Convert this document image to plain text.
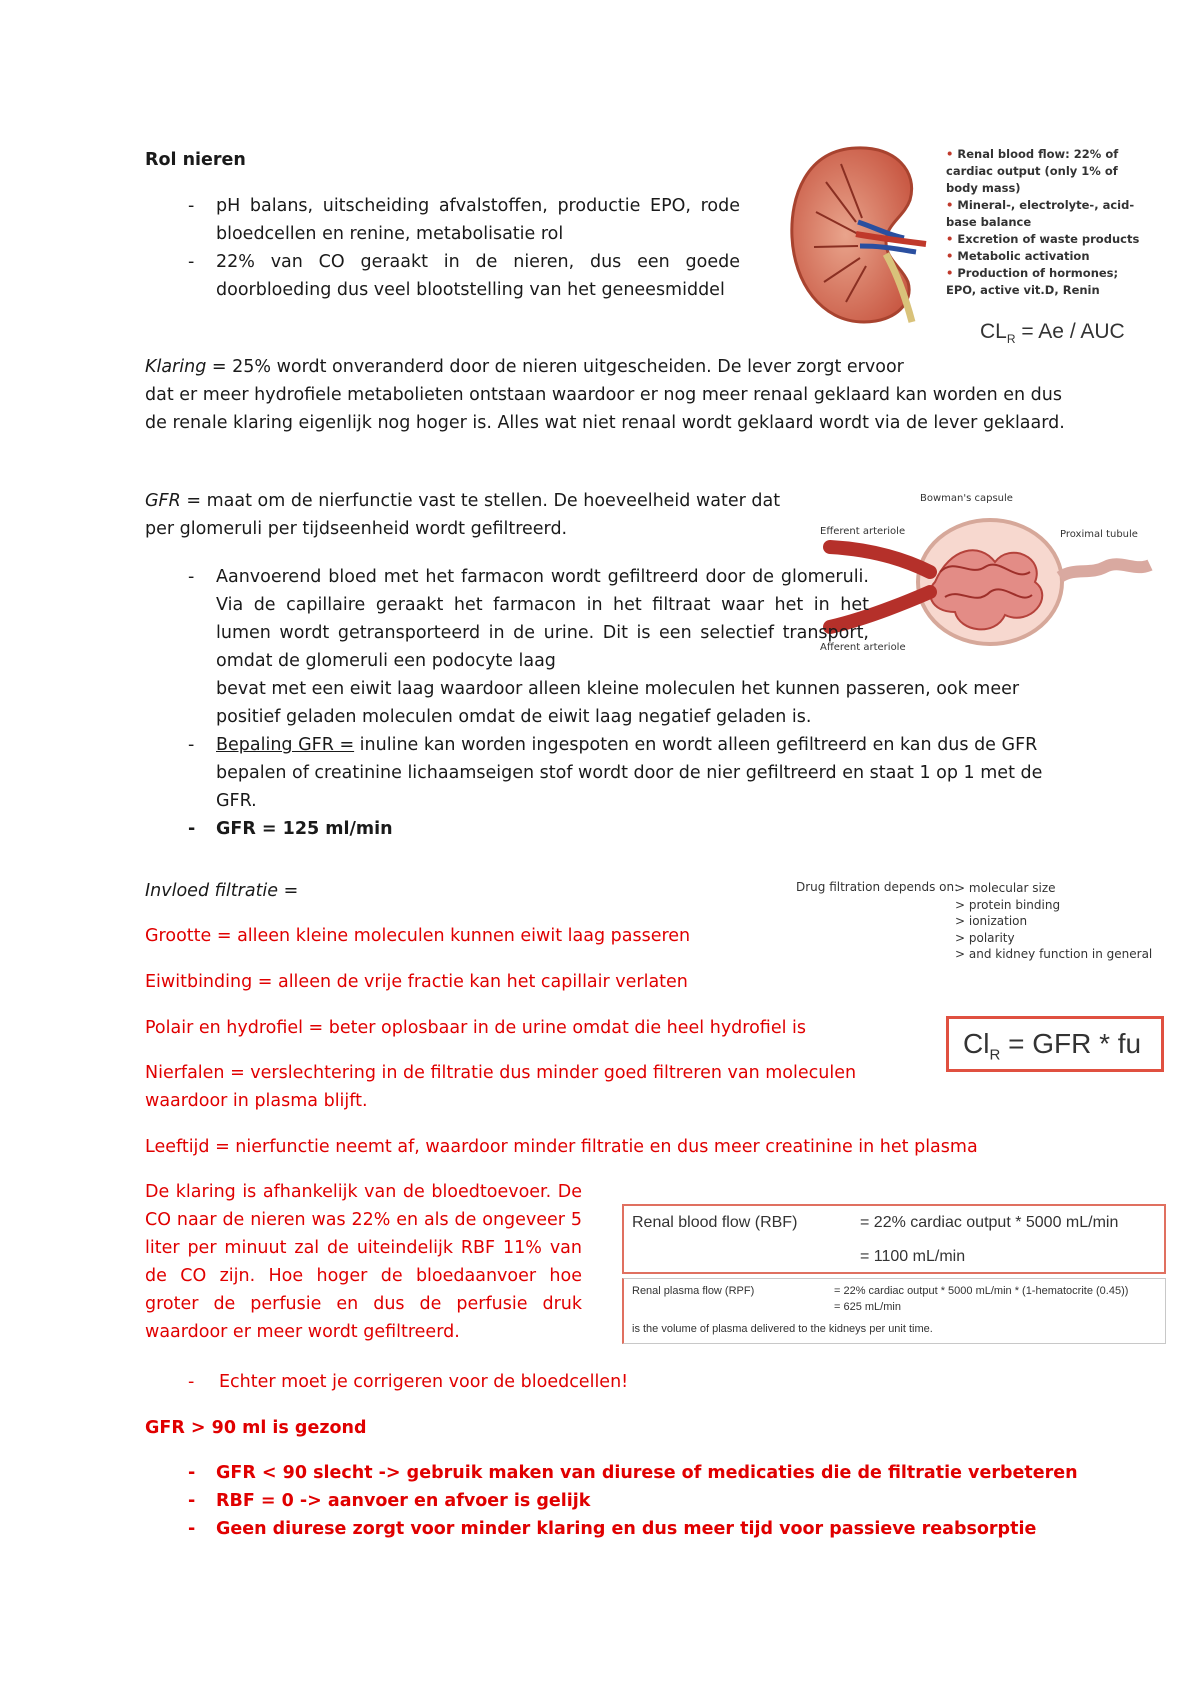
Rol nieren
-	pH balans, uitscheiding afvalstoffen, productie EPO, rode bloedcellen en renine, metabolisatie rol
-	22% van CO geraakt in de nieren, dus een goede doorbloeding dus veel blootstelling van het geneesmiddel
• Renal blood flow: 22% of cardiac output (only 1% of body mass)
• Mineral-, electrolyte-, acid-base balance
• Excretion of waste products
• Metabolic activation
• Production of hormones; EPO, active vit.D, Renin
$CL_R = Ae$ / AUC
Klaring = 25% wordt onveranderd door de nieren uitgescheiden. De lever zorgt ervoor
dat er meer hydrofiele metabolieten ontstaan waardoor er nog meer renaal geklaard kan worden en dus de renale klaring eigenlijk nog hoger is. Alles wat niet renaal wordt geklaard wordt via de lever geklaard.
GFR = maat om de nierfunctie vast te stellen. De hoeveelheid water dat per glomeruli per tijdseenheid wordt gefiltreerd.
Bowman's capsule
Efferent arteriole	Proximal tubule
Afferent arteriole
-	Aanvoerend bloed met het farmacon wordt gefiltreerd door de glomeruli. Via de capillaire geraakt het farmacon in het filtraat waar het in het lumen wordt getransporteerd in de urine. Dit is een selectief transport, omdat de glomeruli een podocyte laag
bevat met een eiwit laag waardoor alleen kleine moleculen het kunnen passeren, ook meer positief geladen moleculen omdat de eiwit laag negatief geladen is.
-	Bepaling GFR = inuline kan worden ingespoten en wordt alleen gefiltreerd en kan dus de GFR bepalen of creatinine lichaamseigen stof wordt door de nier gefiltreerd en staat 1 op 1 met de GFR.
-	GFR = 125 ml/min
Invloed filtratie =
Grootte = alleen kleine moleculen kunnen eiwit laag passeren
Eiwitbinding = alleen de vrije fractie kan het capillair verlaten
Polair en hydrofiel = beter oplosbaar in de urine omdat die heel hydrofiel is
Nierfalen = verslechtering in de filtratie dus minder goed filtreren van moleculen waardoor in plasma blijft.
Leeftijd = nierfunctie neemt af, waardoor minder filtratie en dus meer creatinine in het plasma
Drug filtration depends on:
> molecular size
> protein binding
> ionization
> polarity
> and kidney function in general
$Cl_R$ = GFR * fu
De klaring is afhankelijk van de bloedtoevoer. De CO naar de nieren was 22% en als de ongeveer 5 liter per minuut zal de uiteindelijk RBF 11% van de CO zijn. Hoe hoger de bloedaanvoer hoe groter de perfusie en dus de perfusie druk waardoor er meer wordt gefiltreerd.
Renal blood flow (RBF)	= 22% cardiac output * 5000 mL/min
= 1100 mL/min
Renal plasma flow (RPF)	= 22% cardiac output * 5000 mL/min * (1-hematocrite (0.45))
= 625 mL/min
is the volume of plasma delivered to the kidneys per unit time.
- Echter moet je corrigeren voor de bloedcellen!
GFR > 90 ml is gezond
-	GFR < 90 slecht -> gebruik maken van diurese of medicaties die de filtratie verbeteren
-	RBF = 0 -> aanvoer en afvoer is gelijk
-	Geen diurese zorgt voor minder klaring en dus meer tijd voor passieve reabsorptie
